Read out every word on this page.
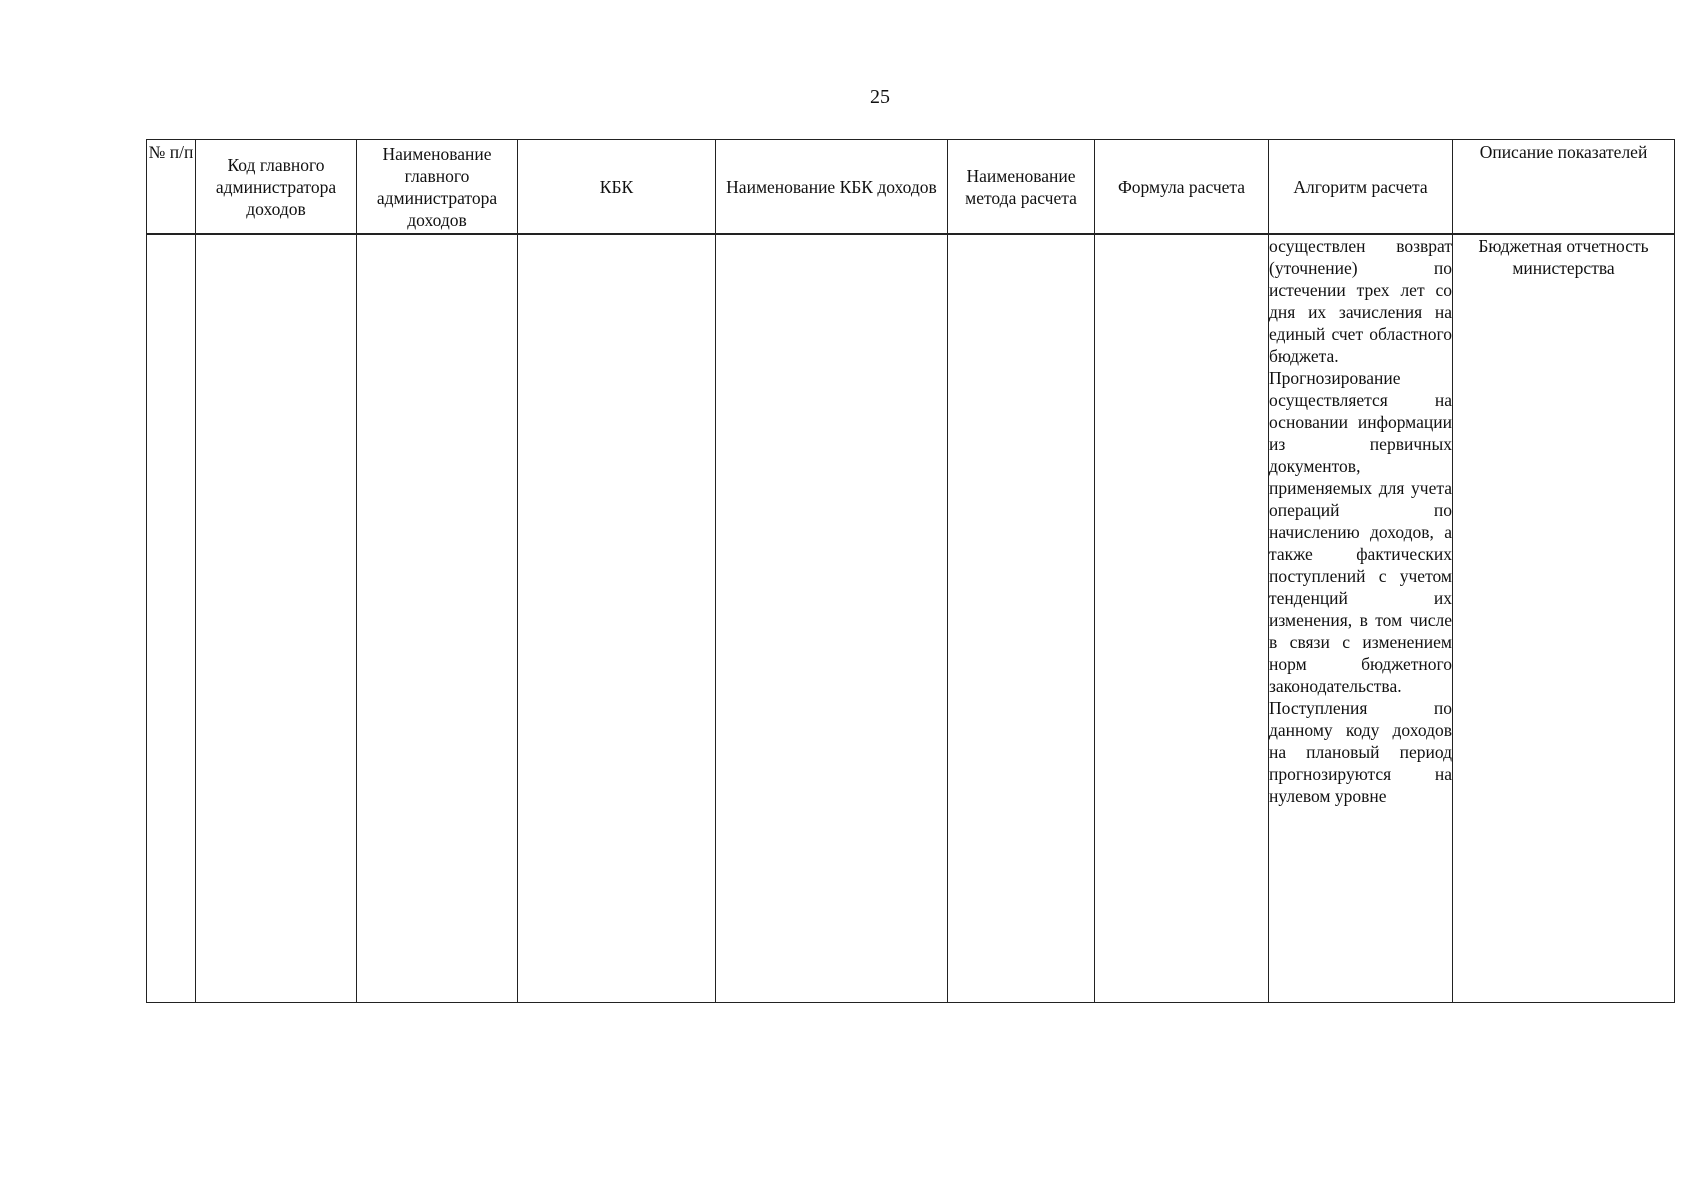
25
№ п/п	Код главного администратора доходов	Наименование главного администратора доходов	КБК	Наименование КБК доходов	Наименование метода расчета	Формула расчета	Алгоритм расчета	Описание показателей
							осуществлен возврат (уточнение) по истечении трех лет со дня их зачисления на единый счет областного бюджета. Прогнозирование осуществляется на основании информации из первичных документов, применяемых для учета операций по начислению доходов, а также фактических поступлений с учетом тенденций их изменения, в том числе в связи с изменением норм бюджетного законодательства. Поступления по данному коду доходов на плановый период прогнозируются на нулевом уровне	Бюджетная отчетность министерства
